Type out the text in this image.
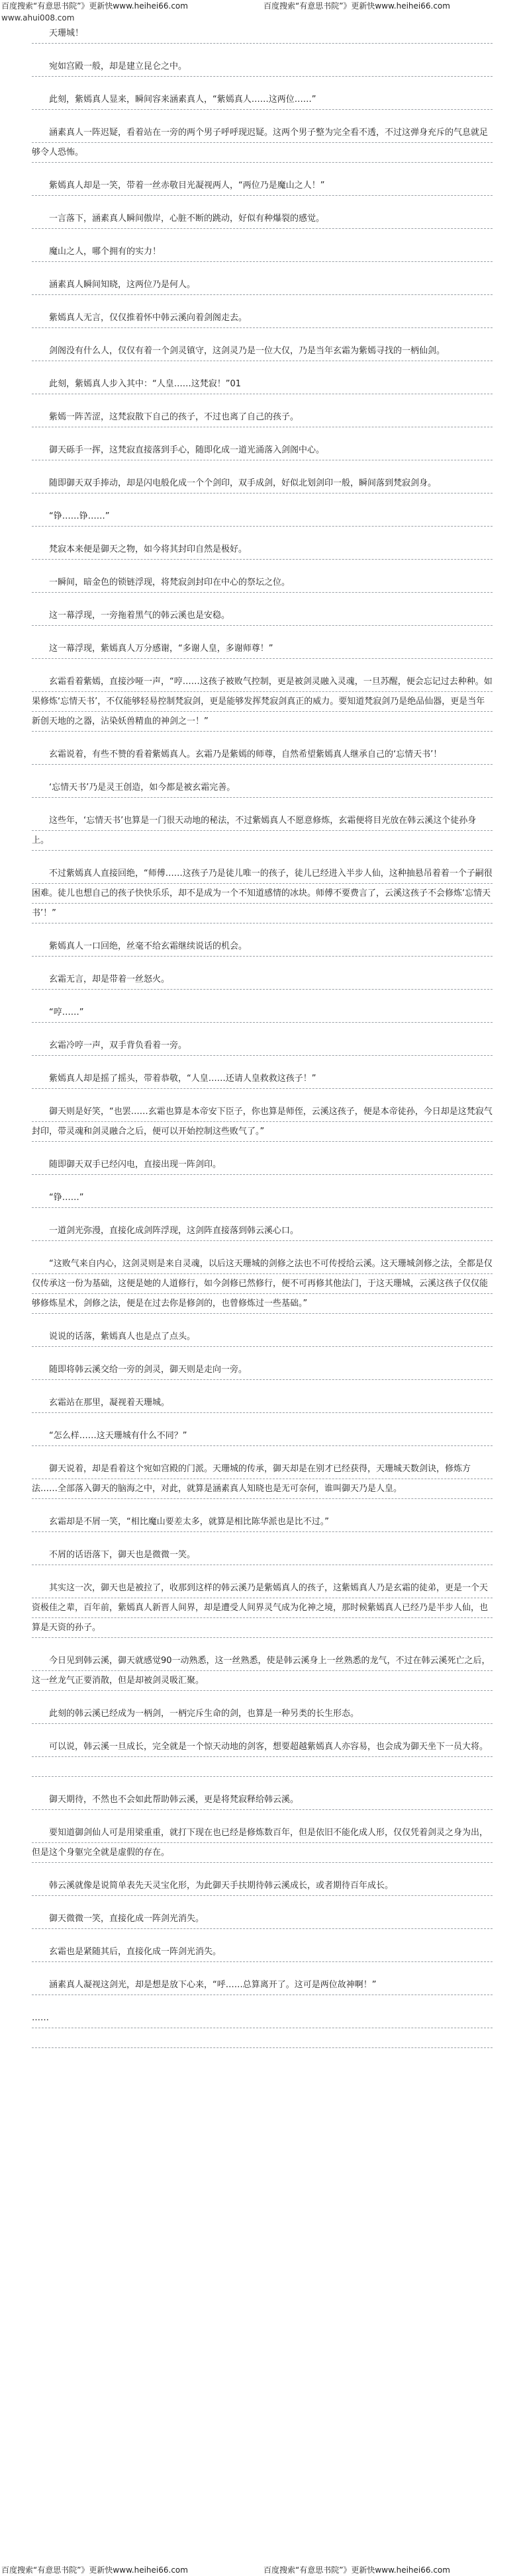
百度搜索“有意思书院”》更新快www.heihei66.com	百度搜索“有意思书院”》更新快www.heihei66.com
www.ahui008.com
天珊城！
宛如宫殿一般，却是建立昆仑之中。
此刻，紫嫣真人显来，瞬间容来涵素真人，“紫嫣真人……这两位……”
涵素真人一阵迟疑，看着站在一旁的两个男子呼呼现迟疑。这两个男子整为完全看不透，不过这弹身充斥的气息就足够令人恐怖。
紫嫣真人却是一笑，带着一丝赤敬目光凝视两人，“两位乃是魔山之人！”
一言落下，涵素真人瞬间傲岸，心脏不断的跳动，好似有种爆裂的感觉。
魔山之人，哪个拥有的实力！
涵素真人瞬间知晓，这两位乃是何人。
紫嫣真人无言，仅仅推着怀中韩云溪向着剑阁走去。
剑阁没有什么人，仅仅有着一个剑灵镇守，这剑灵乃是一位大仅，乃是当年玄霜为紫嫣寻找的一柄仙剑。
此刻，紫嫣真人步入其中：“人皇……这梵寂！”01
紫嫣一阵苦涩，这梵寂散下自己的孩子，不过也离了自己的孩子。
御天砾手一挥，这梵寂直接落到手心，随即化成一道光涌落入剑阁中心。
随即御天双手捧动，却是闪电般化成一个个剑印，双手成剑，好似北划剑印一般，瞬间落到梵寂剑身。
“铮……铮……”
梵寂本来便是御天之物，如今将其封印自然是极好。
一瞬间，暗金色的锁链浮现，将梵寂剑封印在中心的祭坛之位。
这一幕浮现，一旁拖着黑气的韩云溪也是安稳。
这一幕浮现，紫嫣真人万分感谢，“多谢人皇，多谢师尊！”
玄霜看着紫嫣，直接沙哑一声，“哼……这孩子被败气控制，更是被剑灵融入灵魂，一旦苏醒，便会忘记过去种种。如果修炼‘忘情天书’，不仅能够轻易控制梵寂剑，更是能够发挥梵寂剑真正的威力。要知道梵寂剑乃是绝品仙器，更是当年新创天地的之器，沾染妖兽精血的神剑之一！”
玄霜说着，有些不赞的看着紫嫣真人。玄霜乃是紫嫣的师尊，自然希望紫嫣真人继承自己的‘忘情天书’！
‘忘情天书’乃是灵王创造，如今都是被玄霜完善。
这些年，‘忘情天书’也算是一门很天动地的秘法，不过紫嫣真人不愿意修炼，玄霜便将目光放在韩云溪这个徒孙身上。
不过紫嫣真人直接回绝，“师傅……这孩子乃是徒儿唯一的孩子，徒儿已经进入半步人仙，这种抽悬吊着着一个子嗣很困难。徒儿也想自己的孩子快快乐乐，却不是成为一个不知道感情的冰块。师傅不要费言了，云溪这孩子不会修炼‘忘情天书’！”
紫嫣真人一口回绝，丝毫不给玄霜继续说话的机会。
玄霜无言，却是带着一丝怒火。
“哼……”
玄霜冷哼一声，双手背负看着一旁。
紫嫣真人却是摇了摇头，带着恭敬，“人皇……还请人皇救救这孩子！”
御天则是好笑，“也罢……玄霜也算是本帝安下臣子，你也算是师侄，云溪这孩子，便是本帝徒孙，今日却是这梵寂气封印，带灵魂和剑灵融合之后，便可以开始控制这些败气了。”
随即御天双手已经闪电，直接出现一阵剑印。
“铮……”
一道剑光弥漫，直接化成剑阵浮现，这剑阵直接落到韩云溪心口。
“这败气来自内心，这剑灵则是来自灵魂，以后这天珊城的剑修之法也不可传授给云溪。这天珊城剑修之法，全都是仅仅传承这一份为基础，这便是她的人道修行，如今剑修已然修行，便不可再修其他法门，于这天珊城，云溪这孩子仅仅能够修炼星术，剑修之法，便是在过去你是修剑的，也曾修炼过一些基础。”
说说的话落，紫嫣真人也是点了点头。
随即将韩云溪交给一旁的剑灵，御天则是走向一旁。
玄霜站在那里，凝视着天珊城。
“怎么样……这天珊城有什么不同？”
御天说着，却是看着这个宛如宫殿的门派。天珊城的传承，御天却是在别才已经获得，天珊城天数剑诀，修炼方法……全部落入御天的脑海之中，对此，就算是涵素真人知晓也是无可奈何，谁叫御天乃是人皇。
玄霜却是不屑一笑，“相比魔山要差太多，就算是相比陈华派也是比不过。”
不屑的话语落下，御天也是微微一笑。
其实这一次，御天也是被拉了，收那到这样的韩云溪乃是紫嫣真人的孩子，这紫嫣真人乃是玄霜的徒弟，更是一个天资极佳之辈，百年前，紫嫣真人新晋人间界，却是遭受人间界灵气成为化神之境，那时候紫嫣真人已经乃是半步人仙，也算是天资的孙子。
今日见到韩云溪，御天就感觉90一动熟悉，这一丝熟悉，使是韩云溪身上一丝熟悉的龙气，不过在韩云溪死亡之后，这一丝龙气正要消散，但是却被剑灵吸汇聚。
此刻的韩云溪已经成为一柄剑，一柄完斥生命的剑，也算是一种另类的长生形态。
可以说，韩云溪一旦成长，完全就是一个惊天动地的剑客，想要超越紫嫣真人亦容易，也会成为御天坐下一员大将。
御天期待，不然也不会如此帮助韩云溪，更是将梵寂释给韩云溪。
要知道御剑仙人可是用梁重重，就打下现在也已经是修炼数百年，但是依旧不能化成人形，仅仅凭着剑灵之身为出，但是这个身躯完全就是虚假的存在。
韩云溪就像是说简单表先天灵宝化形，为此御天手扶期待韩云溪成长，或者期待百年成长。
御天微微一笑，直接化成一阵剑光消失。
玄霜也是紧随其后，直接化成一阵剑光消失。
涵素真人凝视这剑光，却是想是放下心来，“呼……总算离开了。这可是两位故神啊！”
……
百度搜索“有意思书院”》更新快www.heihei66.com	百度搜索“有意思书院”》更新快www.heihei66.com
